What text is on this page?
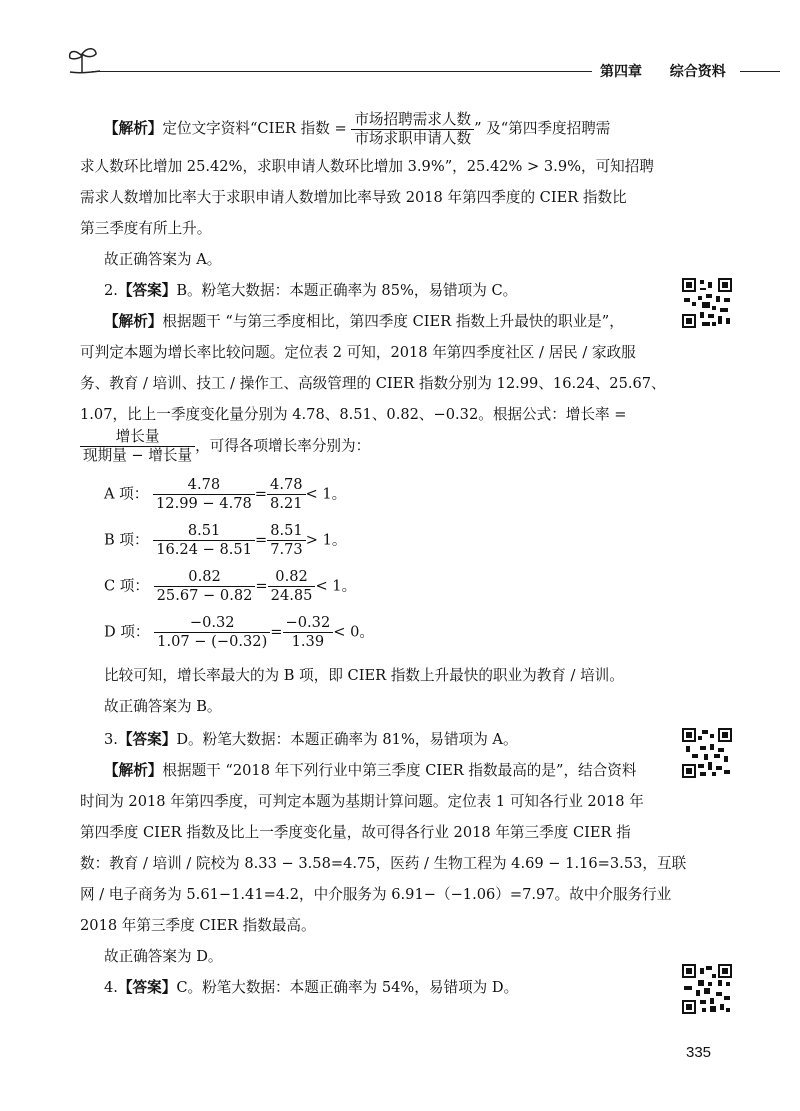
第四章 综合资料
【解析】定位文字资料“CIER 指数 = $\frac{\text{市场招聘需求人数}}{\text{市场求职申请人数}}$ ” 及“第四季度招聘需
求人数环比增加 25.42%，求职申请人数环比增加 3.9%”，25.42% > 3.9%，可知招聘
需求人数增加比率大于求职申请人数增加比率导致 2018 年第四季度的 CIER 指数比
第三季度有所上升。
故正确答案为 A。
2.【答案】B。粉笔大数据：本题正确率为 85%，易错项为 C。
【解析】根据题干 “与第三季度相比，第四季度 CIER 指数上升最快的职业是”，
可判定本题为增长率比较问题。定位表 2 可知，2018 年第四季度社区 / 居民 / 家政服
务、教育 / 培训、技工 / 操作工、高级管理的 CIER 指数分别为 12.99、16.24、25.67、
1.07，比上一季度变化量分别为 4.78、8.51、0.82、−0.32。根据公式：增长率 =
$\frac{\text{增长量}}{\text{现期量 − 增长量}}$ ，可得各项增长率分别为：
A 项： $\frac{4.78}{12.99 - 4.78} = \frac{4.78}{8.21} < 1$。
B 项： $\frac{8.51}{16.24 - 8.51} = \frac{8.51}{7.73} > 1$。
C 项： $\frac{0.82}{25.67 - 0.82} = \frac{0.82}{24.85} < 1$。
D 项： $\frac{-0.32}{1.07 - (-0.32)} = \frac{-0.32}{1.39} < 0$。
比较可知，增长率最大的为 B 项，即 CIER 指数上升最快的职业为教育 / 培训。
故正确答案为 B。
3.【答案】D。粉笔大数据：本题正确率为 81%，易错项为 A。
【解析】根据题干 “2018 年下列行业中第三季度 CIER 指数最高的是”，结合资料
时间为 2018 年第四季度，可判定本题为基期计算问题。定位表 1 可知各行业 2018 年
第四季度 CIER 指数及比上一季度变化量，故可得各行业 2018 年第三季度 CIER 指
数：教育 / 培训 / 院校为 8.33 − 3.58=4.75，医药 / 生物工程为 4.69 − 1.16=3.53，互联
网 / 电子商务为 5.61−1.41=4.2，中介服务为 6.91−（−1.06）=7.97。故中介服务行业
2018 年第三季度 CIER 指数最高。
故正确答案为 D。
4.【答案】C。粉笔大数据：本题正确率为 54%，易错项为 D。
335
